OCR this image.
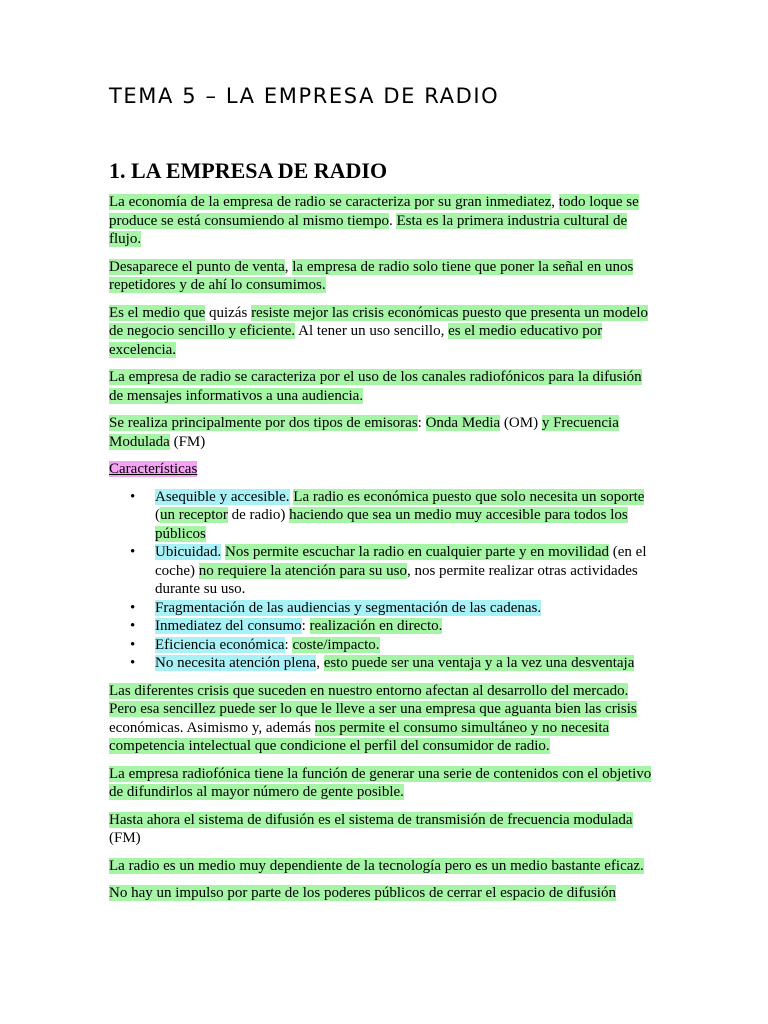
TEMA 5 – LA EMPRESA DE RADIO
1. LA EMPRESA DE RADIO

La economía de la empresa de radio se caracteriza por su gran inmediatez, todo loque se produce se está consumiendo al mismo tiempo. Esta es la primera industria cultural de flujo.

Desaparece el punto de venta, la empresa de radio solo tiene que poner la señal en unos repetidores y de ahí lo consumimos.

Es el medio que quizás resiste mejor las crisis económicas puesto que presenta un modelo de negocio sencillo y eficiente. Al tener un uso sencillo, es el medio educativo por excelencia.

La empresa de radio se caracteriza por el uso de los canales radiofónicos para la difusión de mensajes informativos a una audiencia.

Se realiza principalmente por dos tipos de emisoras: Onda Media (OM) y Frecuencia Modulada (FM)

Características

• Asequible y accesible. La radio es económica puesto que solo necesita un soporte (un receptor de radio) haciendo que sea un medio muy accesible para todos los públicos
• Ubicuidad. Nos permite escuchar la radio en cualquier parte y en movilidad (en el coche) no requiere la atención para su uso, nos permite realizar otras actividades durante su uso.
• Fragmentación de las audiencias y segmentación de las cadenas.
• Inmediatez del consumo: realización en directo.
• Eficiencia económica: coste/impacto.
• No necesita atención plena, esto puede ser una ventaja y a la vez una desventaja

Las diferentes crisis que suceden en nuestro entorno afectan al desarrollo del mercado. Pero esa sencillez puede ser lo que le lleve a ser una empresa que aguanta bien las crisis económicas. Asimismo y, además nos permite el consumo simultáneo y no necesita competencia intelectual que condicione el perfil del consumidor de radio.

La empresa radiofónica tiene la función de generar una serie de contenidos con el objetivo de difundirlos al mayor número de gente posible.

Hasta ahora el sistema de difusión es el sistema de transmisión de frecuencia modulada (FM)

La radio es un medio muy dependiente de la tecnología pero es un medio bastante eficaz.

No hay un impulso por parte de los poderes públicos de cerrar el espacio de difusión
